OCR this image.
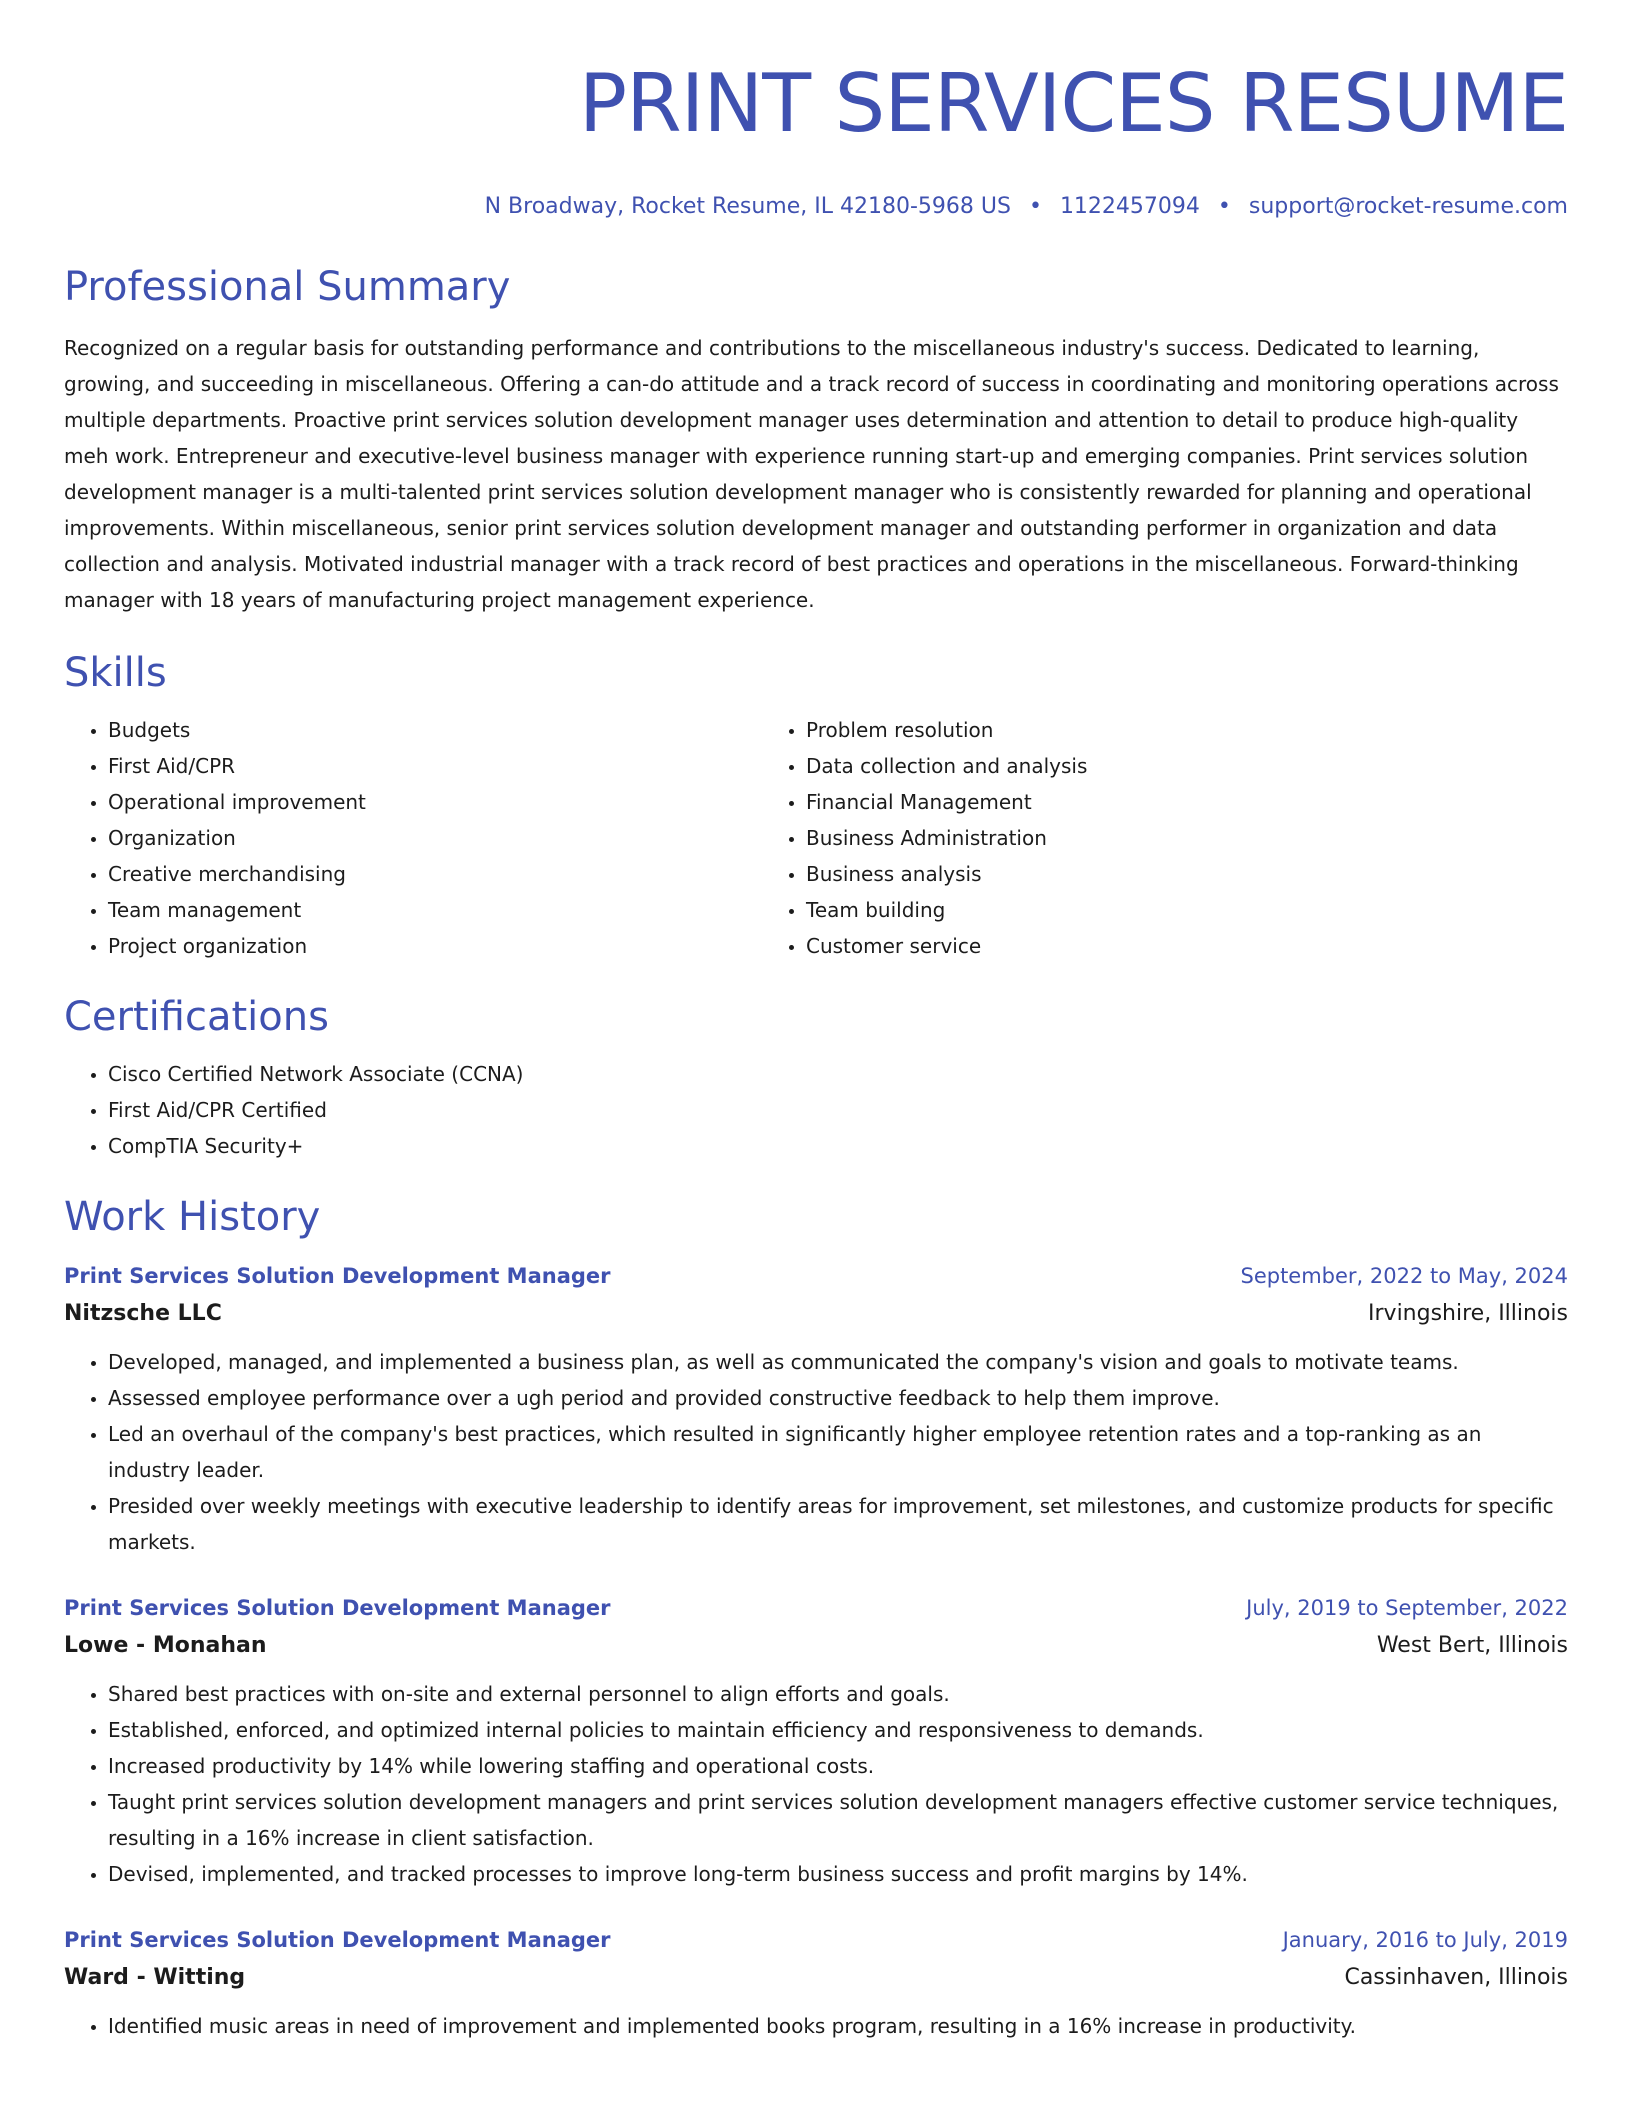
PRINT SERVICES RESUME
N Broadway, Rocket Resume, IL 42180-5968 US • 1122457094 • support@rocket-resume.com
Professional Summary

Recognized on a regular basis for outstanding performance and contributions to the miscellaneous industry's success. Dedicated to learning, growing, and succeeding in miscellaneous. Offering a can-do attitude and a track record of success in coordinating and monitoring operations across multiple departments. Proactive print services solution development manager uses determination and attention to detail to produce high-quality meh work. Entrepreneur and executive-level business manager with experience running start-up and emerging companies. Print services solution development manager is a multi-talented print services solution development manager who is consistently rewarded for planning and operational improvements. Within miscellaneous, senior print services solution development manager and outstanding performer in organization and data collection and analysis. Motivated industrial manager with a track record of best practices and operations in the miscellaneous. Forward-thinking manager with 18 years of manufacturing project management experience.

Skills
• Budgets
• First Aid/CPR
• Operational improvement
• Organization
• Creative merchandising
• Team management
• Project organization
• Problem resolution
• Data collection and analysis
• Financial Management
• Business Administration
• Business analysis
• Team building
• Customer service
Certifications
• Cisco Certified Network Associate (CCNA)
• First Aid/CPR Certified
• CompTIA Security+
Work History
Print Services Solution Development Manager	September, 2022 to May, 2024
Nitzsche LLC	Irvingshire, Illinois
• Developed, managed, and implemented a business plan, as well as communicated the company's vision and goals to motivate teams.
• Assessed employee performance over a ugh period and provided constructive feedback to help them improve.
• Led an overhaul of the company's best practices, which resulted in significantly higher employee retention rates and a top-ranking as an industry leader.
• Presided over weekly meetings with executive leadership to identify areas for improvement, set milestones, and customize products for specific markets.
Print Services Solution Development Manager	July, 2019 to September, 2022
Lowe - Monahan	West Bert, Illinois
• Shared best practices with on-site and external personnel to align efforts and goals.
• Established, enforced, and optimized internal policies to maintain efficiency and responsiveness to demands.
• Increased productivity by 14% while lowering staffing and operational costs.
• Taught print services solution development managers and print services solution development managers effective customer service techniques, resulting in a 16% increase in client satisfaction.
• Devised, implemented, and tracked processes to improve long-term business success and profit margins by 14%.
Print Services Solution Development Manager	January, 2016 to July, 2019
Ward - Witting	Cassinhaven, Illinois
• Identified music areas in need of improvement and implemented books program, resulting in a 16% increase in productivity.
